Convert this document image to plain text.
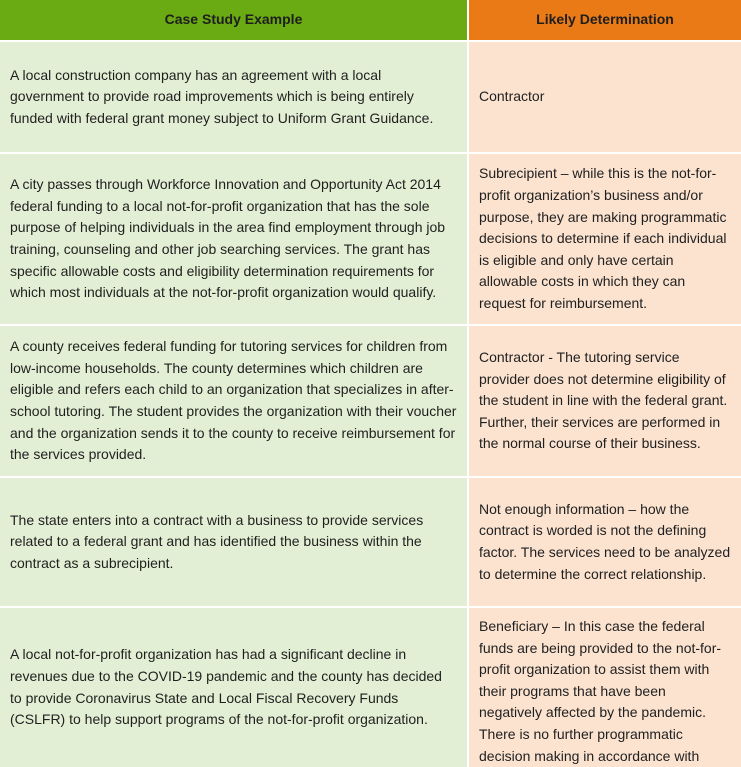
Case Study Example	Likely Determination
A local construction company has an agreement with a local government to provide road improvements which is being entirely funded with federal grant money subject to Uniform Grant Guidance.
Contractor
A city passes through Workforce Innovation and Opportunity Act 2014 federal funding to a local not-for-profit organization that has the sole purpose of helping individuals in the area find employment through job training, counseling and other job searching services. The grant has specific allowable costs and eligibility determination requirements for which most individuals at the not-for-profit organization would qualify.
Subrecipient – while this is the not-for-profit organization’s business and/or purpose, they are making programmatic decisions to determine if each individual is eligible and only have certain allowable costs in which they can request for reimbursement.
A county receives federal funding for tutoring services for children from low-income households. The county determines which children are eligible and refers each child to an organization that specializes in after-school tutoring. The student provides the organization with their voucher and the organization sends it to the county to receive reimbursement for the services provided.
Contractor - The tutoring service provider does not determine eligibility of the student in line with the federal grant. Further, their services are performed in the normal course of their business.
The state enters into a contract with a business to provide services related to a federal grant and has identified the business within the contract as a subrecipient.
Not enough information – how the contract is worded is not the defining factor. The services need to be analyzed to determine the correct relationship.
A local not-for-profit organization has had a significant decline in revenues due to the COVID-19 pandemic and the county has decided to provide Coronavirus State and Local Fiscal Recovery Funds (CSLFR) to help support programs of the not-for-profit organization.
Beneficiary – In this case the federal funds are being provided to the not-for-profit organization to assist them with their programs that have been negatively affected by the pandemic. There is no further programmatic decision making in accordance with
